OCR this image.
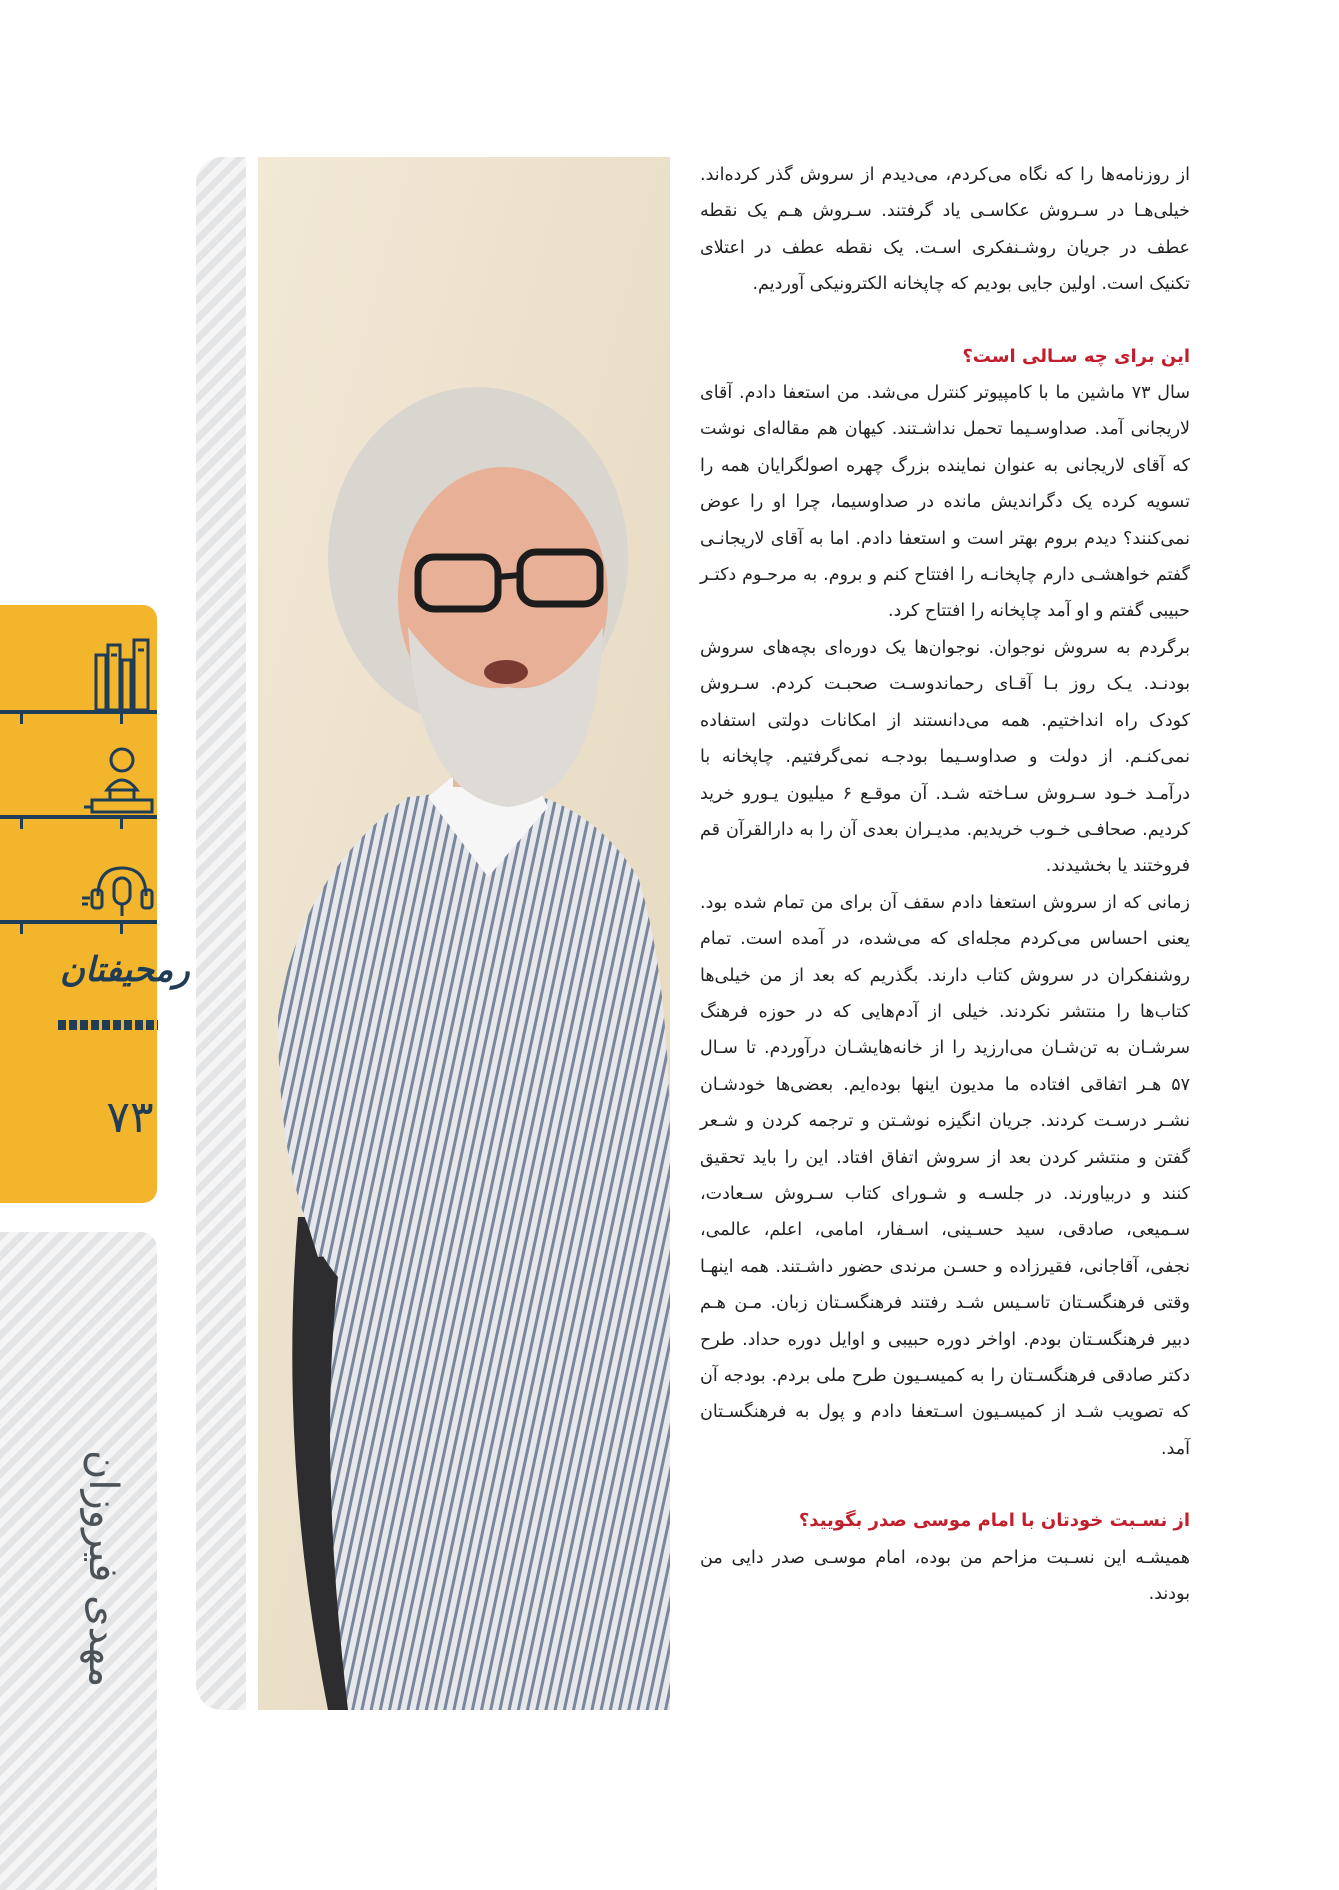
رمحیفتان
۷۳
مهدی فیروزان

از روزنامه‌ها را که نگاه می‌کردم، می‌دیدم از سروش گذر کرده‌اند. خیلی‌هـا در سـروش عکاسـی یاد گرفتند. سـروش هـم یک نقطه عطف در جریان روشـنفکری اسـت. یک نقطه عطف در اعتلای تکنیک است. اولین جایی بودیم که چاپخانه الکترونیکی آوردیم.

این برای چه سـالی است؟

سال ۷۳ ماشین ما با کامپیوتر کنترل می‌شد. من استعفا دادم. آقای لاریجانی آمد. صداوسـیما تحمل نداشـتند. کیهان هم مقاله‌ای نوشت که آقای لاریجانی به عنوان نماینده بزرگ چهره اصولگرایان همه را تسویه کرده یک دگراندیش مانده در صداوسیما، چرا او را عوض نمی‌کنند؟ دیدم بروم بهتر است و استعفا دادم. اما به آقای لاریجانـی گفتم خواهشـی دارم چاپخانـه را افتتاح کنم و بروم. به مرحـوم دکتـر حبیبی گفتم و او آمد چاپخانه را افتتاح کرد.

برگردم به سروش نوجوان. نوجوان‌ها یک دوره‌ای بچه‌های سروش بودنـد. یـک روز بـا آقـای رحماندوسـت صحبـت کردم. سـروش کودک راه انداختیم. همه می‌دانستند از امکانات دولتی استفاده نمی‌کنـم. از دولت و صداوسـیما بودجـه نمی‌گرفتیم. چاپخانه با درآمـد خـود سـروش سـاخته شـد. آن موقـع ۶ میلیون یـورو خرید کردیم. صحافـی خـوب خریدیم. مدیـران بعدی آن را به دارالقرآن قم فروختند یا بخشیدند.

زمانی که از سروش استعفا دادم سقف آن برای من تمام شده بود. یعنی احساس می‌کردم مجله‌ای که می‌شده، در آمده است. تمام روشنفکران در سروش کتاب دارند. بگذریم که بعد از من خیلی‌ها کتاب‌ها را منتشر نکردند. خیلی از آدم‌هایی که در حوزه فرهنگ سرشـان به تن‌شـان می‌ارزید را از خانه‌هایشـان درآوردم. تا سـال ۵۷ هـر اتفاقی افتاده ما مدیون اینها بوده‌ایم. بعضی‌ها خودشـان نشـر درسـت کردند. جریان انگیزه نوشـتن و ترجمه کردن و شـعر گفتن و منتشر کردن بعد از سروش اتفاق افتاد. این را باید تحقیق کنند و دربیاورند. در جلسـه و شـورای کتاب سـروش سـعادت، سـمیعی، صادقی، سید حسـینی، اسـفار، امامی، اعلم، عالمی، نجفی، آقاجانی، فقیرزاده و حسـن مرندی حضور داشـتند. همه اینهـا وقتی فرهنگسـتان تاسـیس شـد رفتند فرهنگسـتان زبان. مـن هـم دبیر فرهنگسـتان بودم. اواخر دوره حبیبی و اوایل دوره حداد. طرح دکتر صادقی فرهنگسـتان را به کمیسـیون طرح ملی بردم. بودجه آن که تصویب شـد از کمیسـیون اسـتعفا دادم و پول به فرهنگسـتان آمد.

از نسـبت خودتان با امام موسی صدر بگویید؟

همیشـه این نسـبت مزاحم من بوده، امام موسـی صدر دایی من بودند.
